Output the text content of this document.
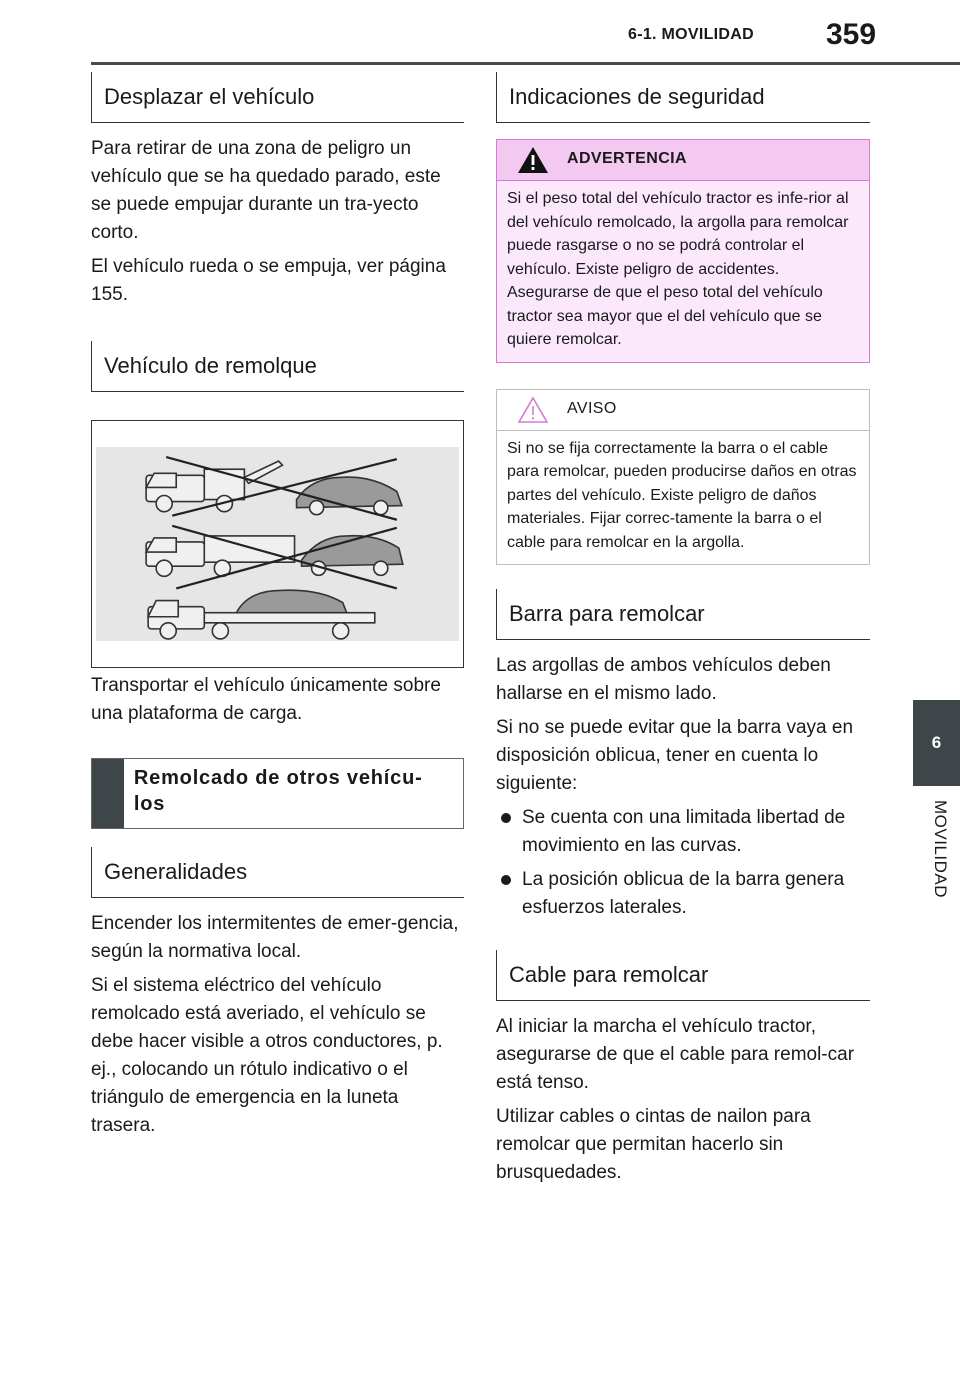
6-1. MOVILIDAD 359
6
MOVILIDAD
Desplazar el vehículo

Para retirar de una zona de peligro un vehículo que se ha quedado parado, este se puede empujar durante un tra-yecto corto.

El vehículo rueda o se empuja, ver página 155.

Vehículo de remolque

Transportar el vehículo únicamente sobre una plataforma de carga.

Remolcado de otros vehícu-los
Generalidades

Encender los intermitentes de emer-gencia, según la normativa local.

Si el sistema eléctrico del vehículo remolcado está averiado, el vehículo se debe hacer visible a otros conductores, p. ej., colocando un rótulo indicativo o el triángulo de emergencia en la luneta trasera.

Indicaciones de seguridad
ADVERTENCIA
Si el peso total del vehículo tractor es infe-rior al del vehículo remolcado, la argolla para remolcar puede rasgarse o no se podrá controlar el vehículo. Existe peligro de accidentes. Asegurarse de que el peso total del vehículo tractor sea mayor que el del vehículo que se quiere remolcar.
AVISO
Si no se fija correctamente la barra o el cable para remolcar, pueden producirse daños en otras partes del vehículo. Existe peligro de daños materiales. Fijar correc-tamente la barra o el cable para remolcar en la argolla.
Barra para remolcar

Las argollas de ambos vehículos deben hallarse en el mismo lado.

Si no se puede evitar que la barra vaya en disposición oblicua, tener en cuenta lo siguiente:

Se cuenta con una limitada libertad de movimiento en las curvas.
La posición oblicua de la barra genera esfuerzos laterales.
Cable para remolcar

Al iniciar la marcha el vehículo tractor, asegurarse de que el cable para remol-car está tenso.

Utilizar cables o cintas de nailon para remolcar que permitan hacerlo sin brusquedades.
